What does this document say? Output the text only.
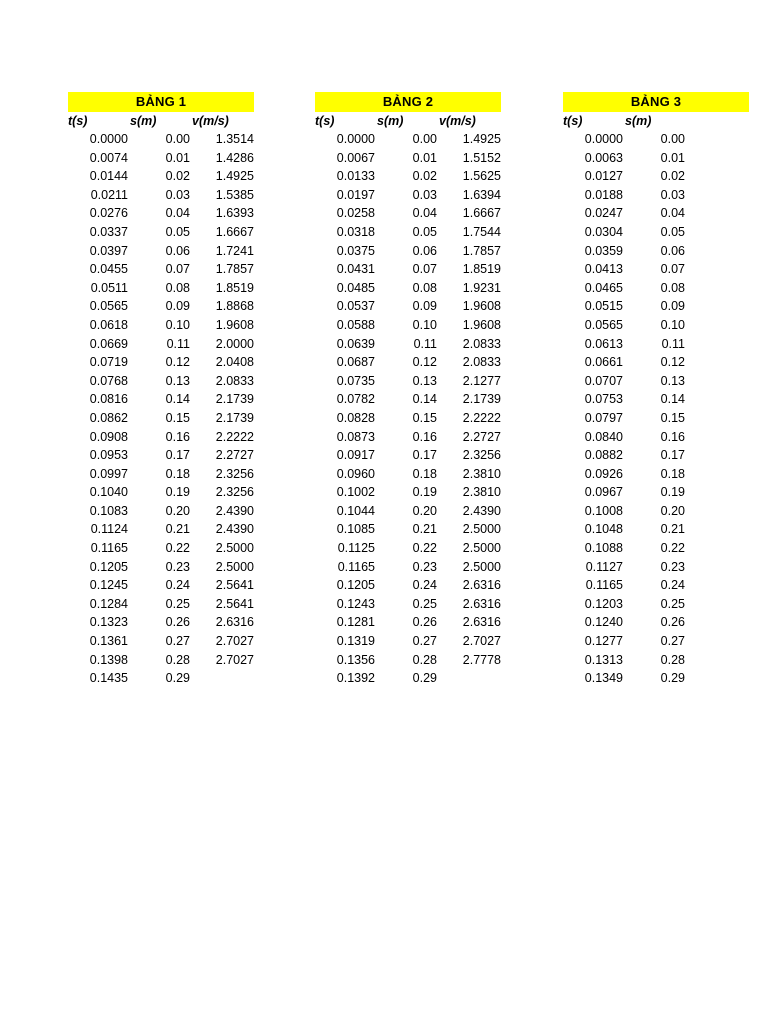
BẢNG 1
t(s)	s(m)	v(m/s)
0.0000	0.00 1.3514
0.0074	0.01 1.4286
0.0144	0.02 1.4925
0.0211	0.03 1.5385
0.0276	0.04 1.6393
0.0337	0.05 1.6667
0.0397	0.06 1.7241
0.0455	0.07 1.7857
0.0511	0.08 1.8519
0.0565	0.09 1.8868
0.0618	0.10 1.9608
0.0669	0.11 2.0000
0.0719	0.12 2.0408
0.0768	0.13 2.0833
0.0816	0.14 2.1739
0.0862	0.15 2.1739
0.0908	0.16 2.2222
0.0953	0.17 2.2727
0.0997	0.18 2.3256
0.1040	0.19 2.3256
0.1083	0.20 2.4390
0.1124	0.21 2.4390
0.1165	0.22 2.5000
0.1205	0.23 2.5000
0.1245	0.24 2.5641
0.1284	0.25 2.5641
0.1323	0.26 2.6316
0.1361	0.27 2.7027
0.1398	0.28 2.7027
0.1435	0.29
BẢNG 2
t(s)	s(m)	v(m/s)
0.0000	0.00 1.4925
0.0067	0.01 1.5152
0.0133	0.02 1.5625
0.0197	0.03 1.6394
0.0258	0.04 1.6667
0.0318	0.05 1.7544
0.0375	0.06 1.7857
0.0431	0.07 1.8519
0.0485	0.08 1.9231
0.0537	0.09 1.9608
0.0588	0.10 1.9608
0.0639	0.11 2.0833
0.0687	0.12 2.0833
0.0735	0.13 2.1277
0.0782	0.14 2.1739
0.0828	0.15 2.2222
0.0873	0.16 2.2727
0.0917	0.17 2.3256
0.0960	0.18 2.3810
0.1002	0.19 2.3810
0.1044	0.20 2.4390
0.1085	0.21 2.5000
0.1125	0.22 2.5000
0.1165	0.23 2.5000
0.1205	0.24 2.6316
0.1243	0.25 2.6316
0.1281	0.26 2.6316
0.1319	0.27 2.7027
0.1356	0.28 2.7778
0.1392	0.29
BẢNG 3
t(s)	s(m)
0.0000	0.00
0.0063	0.01
0.0127	0.02
0.0188	0.03
0.0247	0.04
0.0304	0.05
0.0359	0.06
0.0413	0.07
0.0465	0.08
0.0515	0.09
0.0565	0.10
0.0613	0.11
0.0661	0.12
0.0707	0.13
0.0753	0.14
0.0797	0.15
0.0840	0.16
0.0882	0.17
0.0926	0.18
0.0967	0.19
0.1008	0.20
0.1048	0.21
0.1088	0.22
0.1127	0.23
0.1165	0.24
0.1203	0.25
0.1240	0.26
0.1277	0.27
0.1313	0.28
0.1349	0.29
